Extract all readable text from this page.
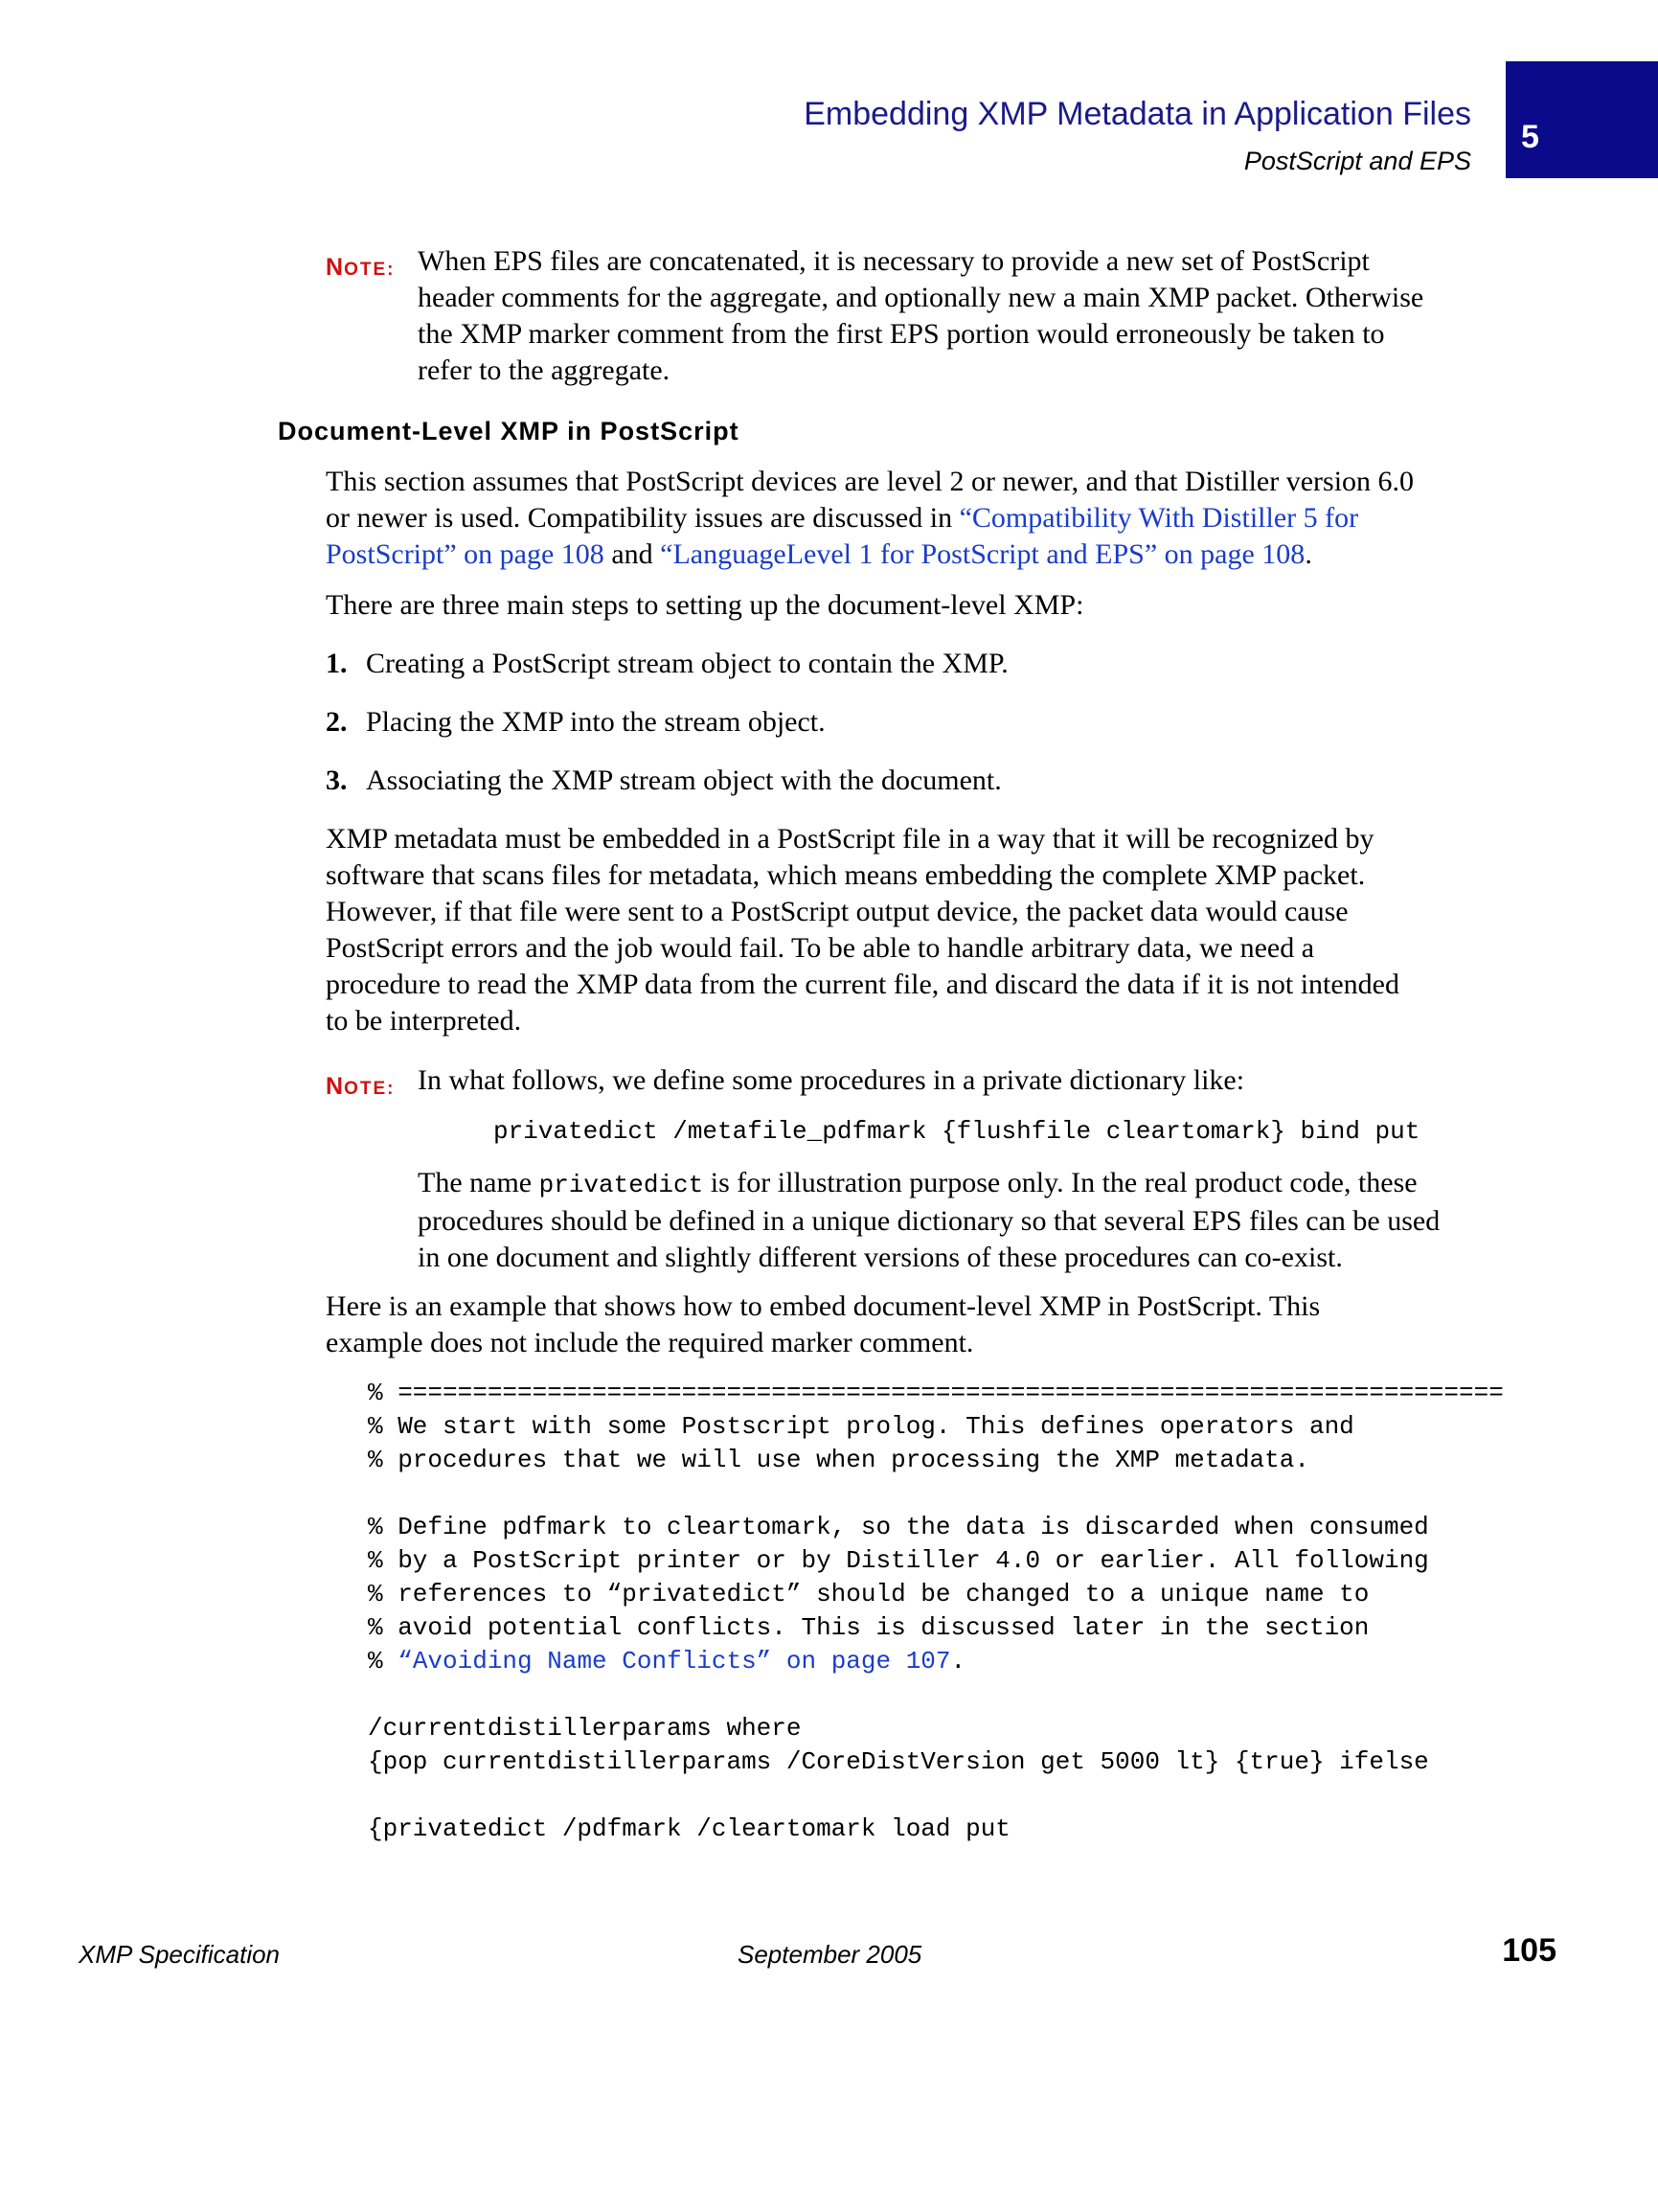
Embedding XMP Metadata in Application Files
PostScript and EPS
5
NOTE: When EPS files are concatenated, it is necessary to provide a new set of PostScript
header comments for the aggregate, and optionally new a main XMP packet. Otherwise
the XMP marker comment from the first EPS portion would erroneously be taken to
refer to the aggregate.
Document-Level XMP in PostScript
This section assumes that PostScript devices are level 2 or newer, and that Distiller version 6.0
or newer is used. Compatibility issues are discussed in “Compatibility With Distiller 5 for
PostScript” on page 108 and “LanguageLevel 1 for PostScript and EPS” on page 108.
There are three main steps to setting up the document-level XMP:
1. Creating a PostScript stream object to contain the XMP.
2. Placing the XMP into the stream object.
3. Associating the XMP stream object with the document.
XMP metadata must be embedded in a PostScript file in a way that it will be recognized by
software that scans files for metadata, which means embedding the complete XMP packet.
However, if that file were sent to a PostScript output device, the packet data would cause
PostScript errors and the job would fail. To be able to handle arbitrary data, we need a
procedure to read the XMP data from the current file, and discard the data if it is not intended
to be interpreted.
NOTE: In what follows, we define some procedures in a private dictionary like:
privatedict /metafile_pdfmark {flushfile cleartomark} bind put
The name privatedict is for illustration purpose only. In the real product code, these
procedures should be defined in a unique dictionary so that several EPS files can be used
in one document and slightly different versions of these procedures can co-exist.
Here is an example that shows how to embed document-level XMP in PostScript. This
example does not include the required marker comment.
% ==========================================================================
% We start with some Postscript prolog. This defines operators and
% procedures that we will use when processing the XMP metadata.
% Define pdfmark to cleartomark, so the data is discarded when consumed
% by a PostScript printer or by Distiller 4.0 or earlier. All following
% references to “privatedict” should be changed to a unique name to
% avoid potential conflicts. This is discussed later in the section
% “Avoiding Name Conflicts” on page 107.
/currentdistillerparams where
{pop currentdistillerparams /CoreDistVersion get 5000 lt} {true} ifelse
{privatedict /pdfmark /cleartomark load put
XMP Specification	September 2005	105
